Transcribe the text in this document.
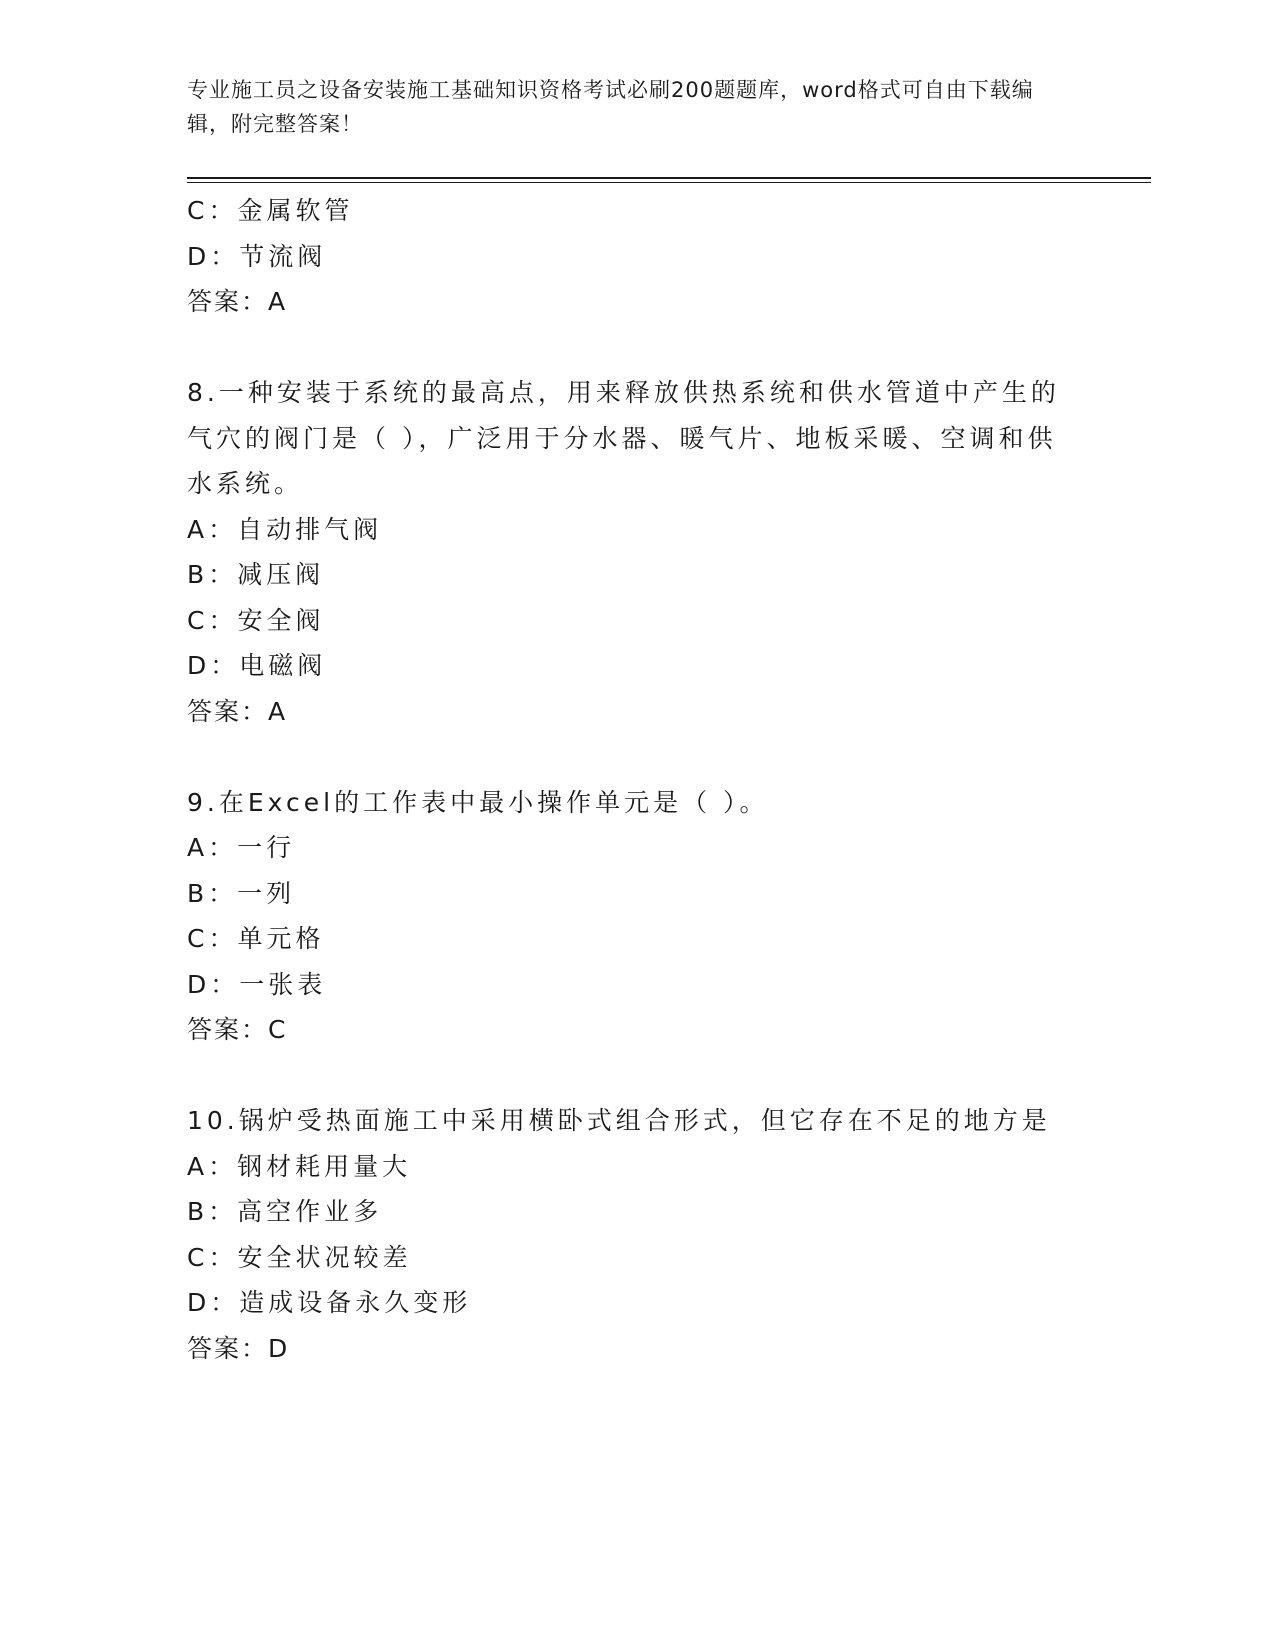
专业施工员之设备安装施工基础知识资格考试必刷200题题库，word格式可自由下载编辑，附完整答案！
C：金属软管
D：节流阀
答案：A
8.一种安装于系统的最高点，用来释放供热系统和供水管道中产生的气穴的阀门是（ ），广泛用于分水器、暖气片、地板采暖、空调和供水系统。
A：自动排气阀
B：减压阀
C：安全阀
D：电磁阀
答案：A
9.在Excel的工作表中最小操作单元是（ ）。
A：一行
B：一列
C：单元格
D：一张表
答案：C
10.锅炉受热面施工中采用横卧式组合形式，但它存在不足的地方是
A：钢材耗用量大
B：高空作业多
C：安全状况较差
D：造成设备永久变形
答案：D
